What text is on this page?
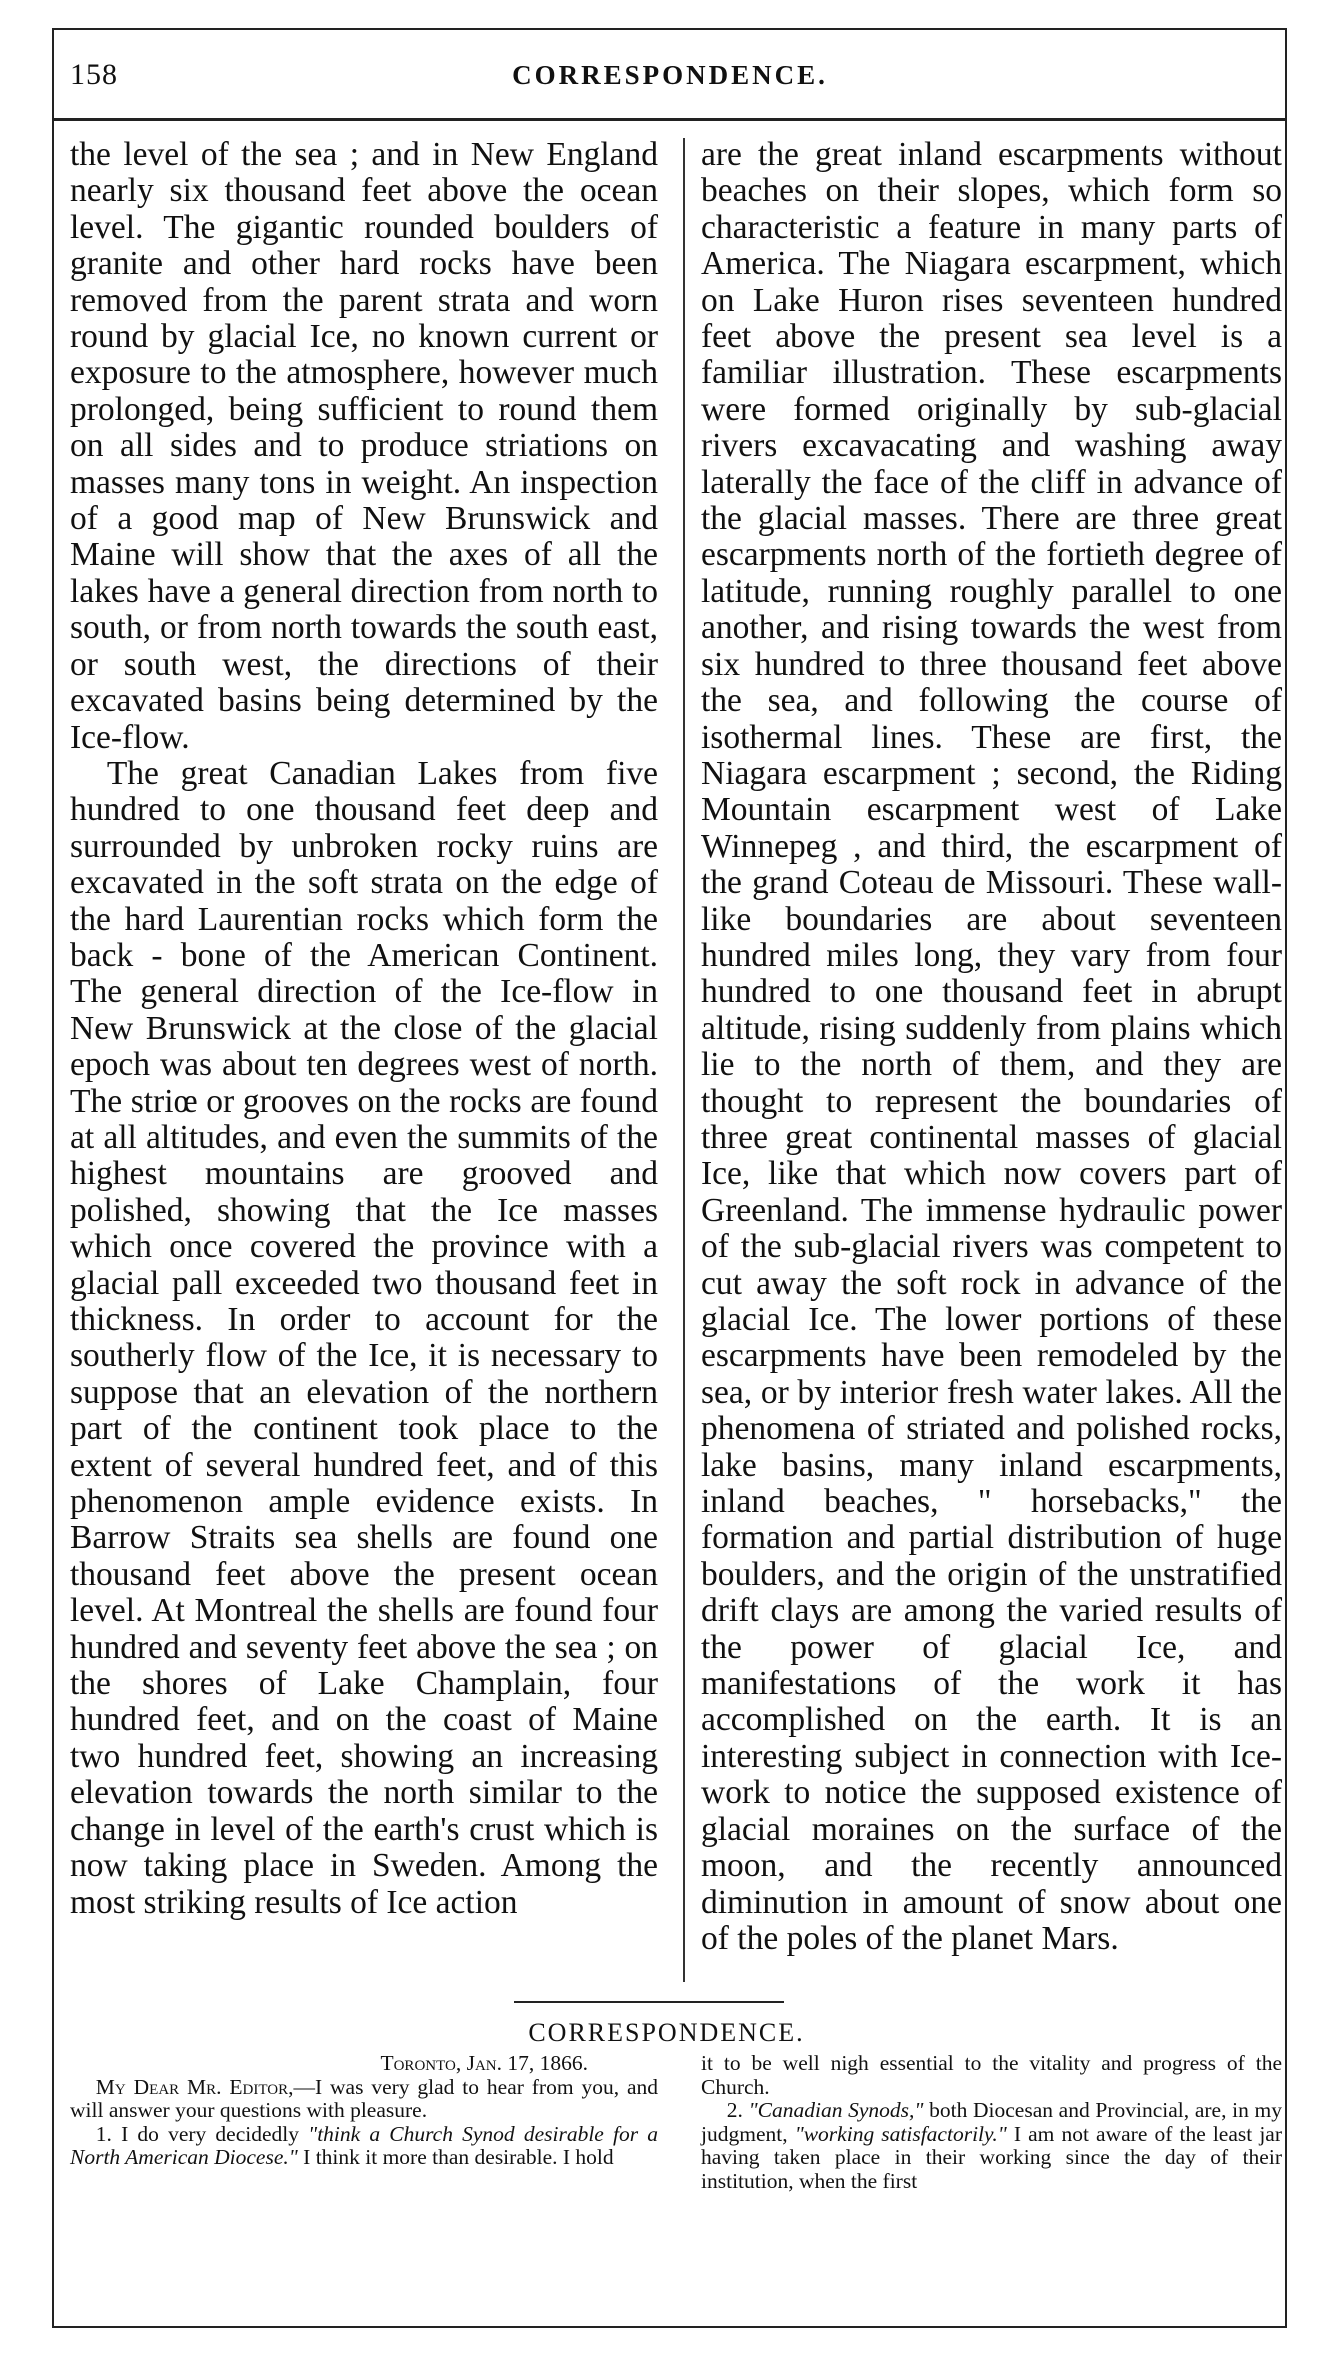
158	CORRESPONDENCE.

the level of the sea ; and in New England nearly six thousand feet above the ocean level. The gigantic rounded boulders of granite and other hard rocks have been removed from the parent strata and worn round by glacial Ice, no known current or exposure to the atmosphere, however much prolonged, being sufficient to round them on all sides and to produce striations on masses many tons in weight. An inspection of a good map of New Brunswick and Maine will show that the axes of all the lakes have a general direction from north to south, or from north towards the south east, or south west, the directions of their excavated basins being determined by the Ice-flow.

The great Canadian Lakes from five hundred to one thousand feet deep and surrounded by unbroken rocky ruins are excavated in the soft strata on the edge of the hard Laurentian rocks which form the back - bone of the American Continent. The general direction of the Ice-flow in New Brunswick at the close of the glacial epoch was about ten degrees west of north. The striœ or grooves on the rocks are found at all altitudes, and even the summits of the highest mountains are grooved and polished, showing that the Ice masses which once covered the province with a glacial pall exceeded two thousand feet in thickness. In order to account for the southerly flow of the Ice, it is necessary to suppose that an elevation of the northern part of the continent took place to the extent of several hundred feet, and of this phenomenon ample evidence exists. In Barrow Straits sea shells are found one thousand feet above the present ocean level. At Montreal the shells are found four hundred and seventy feet above the sea ; on the shores of Lake Champlain, four hundred feet, and on the coast of Maine two hundred feet, showing an increasing elevation towards the north similar to the change in level of the earth's crust which is now taking place in Sweden. Among the most striking results of Ice action

are the great inland escarpments without beaches on their slopes, which form so characteristic a feature in many parts of America. The Niagara escarpment, which on Lake Huron rises seventeen hundred feet above the present sea level is a familiar illustration. These escarpments were formed originally by sub-glacial rivers excavacating and washing away laterally the face of the cliff in advance of the glacial masses. There are three great escarpments north of the fortieth degree of latitude, running roughly parallel to one another, and rising towards the west from six hundred to three thousand feet above the sea, and following the course of isothermal lines. These are first, the Niagara escarpment ; second, the Riding Mountain escarpment west of Lake Winnepeg , and third, the escarpment of the grand Coteau de Missouri. These wall-like boundaries are about seventeen hundred miles long, they vary from four hundred to one thousand feet in abrupt altitude, rising suddenly from plains which lie to the north of them, and they are thought to represent the boundaries of three great continental masses of glacial Ice, like that which now covers part of Greenland. The immense hydraulic power of the sub-glacial rivers was competent to cut away the soft rock in advance of the glacial Ice. The lower portions of these escarpments have been remodeled by the sea, or by interior fresh water lakes. All the phenomena of striated and polished rocks, lake basins, many inland escarpments, inland beaches, " horsebacks," the formation and partial distribution of huge boulders, and the origin of the unstratified drift clays are among the varied results of the power of glacial Ice, and manifestations of the work it has accomplished on the earth. It is an interesting subject in connection with Ice-work to notice the supposed existence of glacial moraines on the surface of the moon, and the recently announced diminution in amount of snow about one of the poles of the planet Mars.

CORRESPONDENCE.

Toronto, Jan. 17, 1866.

My Dear Mr. Editor,—I was very glad to hear from you, and will answer your questions with pleasure.

1. I do very decidedly "think a Church Synod desirable for a North American Diocese." I think it more than desirable. I hold

it to be well nigh essential to the vitality and progress of the Church.

2. "Canadian Synods," both Diocesan and Provincial, are, in my judgment, "working satisfactorily." I am not aware of the least jar having taken place in their working since the day of their institution, when the first
